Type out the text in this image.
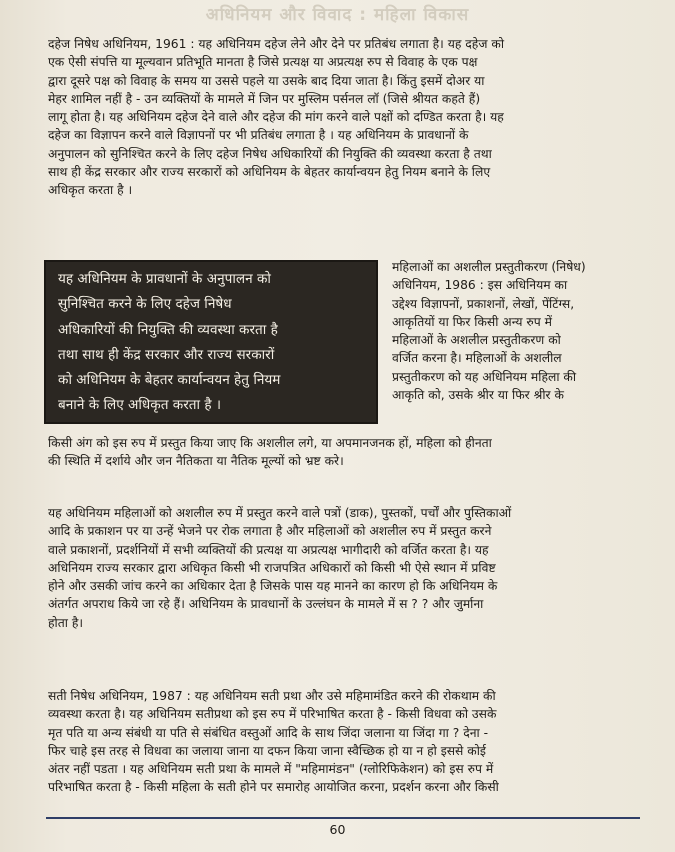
अधिनियम और विवाद : महिला विकास

दहेज निषेध अधिनियम, 1961 : यह अधिनियम दहेज लेने और देने पर प्रतिबंध लगाता है। यह दहेज को
एक ऐसी संपत्ति या मूल्यवान प्रतिभूति मानता है जिसे प्रत्यक्ष या अप्रत्यक्ष रुप से विवाह के एक पक्ष
द्वारा दूसरे पक्ष को विवाह के समय या उससे पहले या उसके बाद दिया जाता है। किंतु इसमें दोअर या
मेहर शामिल नहीं है - उन व्यक्तियों के मामले में जिन पर मुस्लिम पर्सनल लॉ (जिसे श्रीयत कहते हैं)
लागू होता है। यह अधिनियम दहेज देने वाले और दहेज की मांग करने वाले पक्षों को दण्डित करता है। यह
दहेज का विज्ञापन करने वाले विज्ञापनों पर भी प्रतिबंध लगाता है । यह अधिनियम के प्रावधानों के
अनुपालन को सुनिश्चित करने के लिए दहेज निषेध अधिकारियों की नियुक्ति की व्यवस्था करता है तथा
साथ ही केंद्र सरकार और राज्य सरकारों को अधिनियम के बेहतर कार्यान्वयन हेतु नियम बनाने के लिए
अधिकृत करता है ।

यह अधिनियम के प्रावधानों के अनुपालन को
सुनिश्चित करने के लिए दहेज निषेध
अधिकारियों की नियुक्ति की व्यवस्था करता है
तथा साथ ही केंद्र सरकार और राज्य सरकारों
को अधिनियम के बेहतर कार्यान्वयन हेतु नियम
बनाने के लिए अधिकृत करता है ।

महिलाओं का अशलील प्रस्तुतीकरण (निषेध)
अधिनियम, 1986 : इस अधिनियम का
उद्देश्य विज्ञापनों, प्रकाशनों, लेखों, पेंटिंग्स,
आकृतियों या फिर किसी अन्य रुप में
महिलाओं के अशलील प्रस्तुतीकरण को
वर्जित करना है। महिलाओं के अशलील
प्रस्तुतीकरण को यह अधिनियम महिला की
आकृति को, उसके श्रीर या फिर श्रीर के

किसी अंग को इस रुप में प्रस्तुत किया जाए कि अशलील लगे, या अपमानजनक हों, महिला को हीनता
की स्थिति में दर्शाये और जन नैतिकता या नैतिक मूल्यों को भ्रष्ट करे।

यह अधिनियम महिलाओं को अशलील रुप में प्रस्तुत करने वाले पत्रों (डाक), पुस्तकों, पर्चों और पुस्तिकाओं
आदि के प्रकाशन पर या उन्हें भेजने पर रोक लगाता है और महिलाओं को अशलील रुप में प्रस्तुत करने
वाले प्रकाशनों, प्रदर्शनियों में सभी व्यक्तियों की प्रत्यक्ष या अप्रत्यक्ष भागीदारी को वर्जित करता है। यह
अधिनियम राज्य सरकार द्वारा अधिकृत किसी भी राजपत्रित अधिकारों को किसी भी ऐसे स्थान में प्रविष्ट
होने और उसकी जांच करने का अधिकार देता है जिसके पास यह मानने का कारण हो कि अधिनियम के
अंतर्गत अपराध किये जा रहे हैं। अधिनियम के प्रावधानों के उल्लंघन के मामले में स ? ? और जुर्माना
होता है।

सती निषेध अधिनियम, 1987 : यह अधिनियम सती प्रथा और उसे महिमामंडित करने की रोकथाम की
व्यवस्था करता है। यह अधिनियम सतीप्रथा को इस रुप में परिभाषित करता है - किसी विधवा को उसके
मृत पति या अन्य संबंधी या पति से संबंधित वस्तुओं आदि के साथ जिंदा जलाना या जिंदा गा ? देना -
फिर चाहे इस तरह से विधवा का जलाया जाना या दफन किया जाना स्वैच्छिक हो या न हो इससे कोई
अंतर नहीं पडता । यह अधिनियम सती प्रथा के मामले में "महिमामंडन" (ग्लोरिफिकेशन) को इस रुप में
परिभाषित करता है - किसी महिला के सती होने पर समारोह आयोजित करना, प्रदर्शन करना और किसी

60
